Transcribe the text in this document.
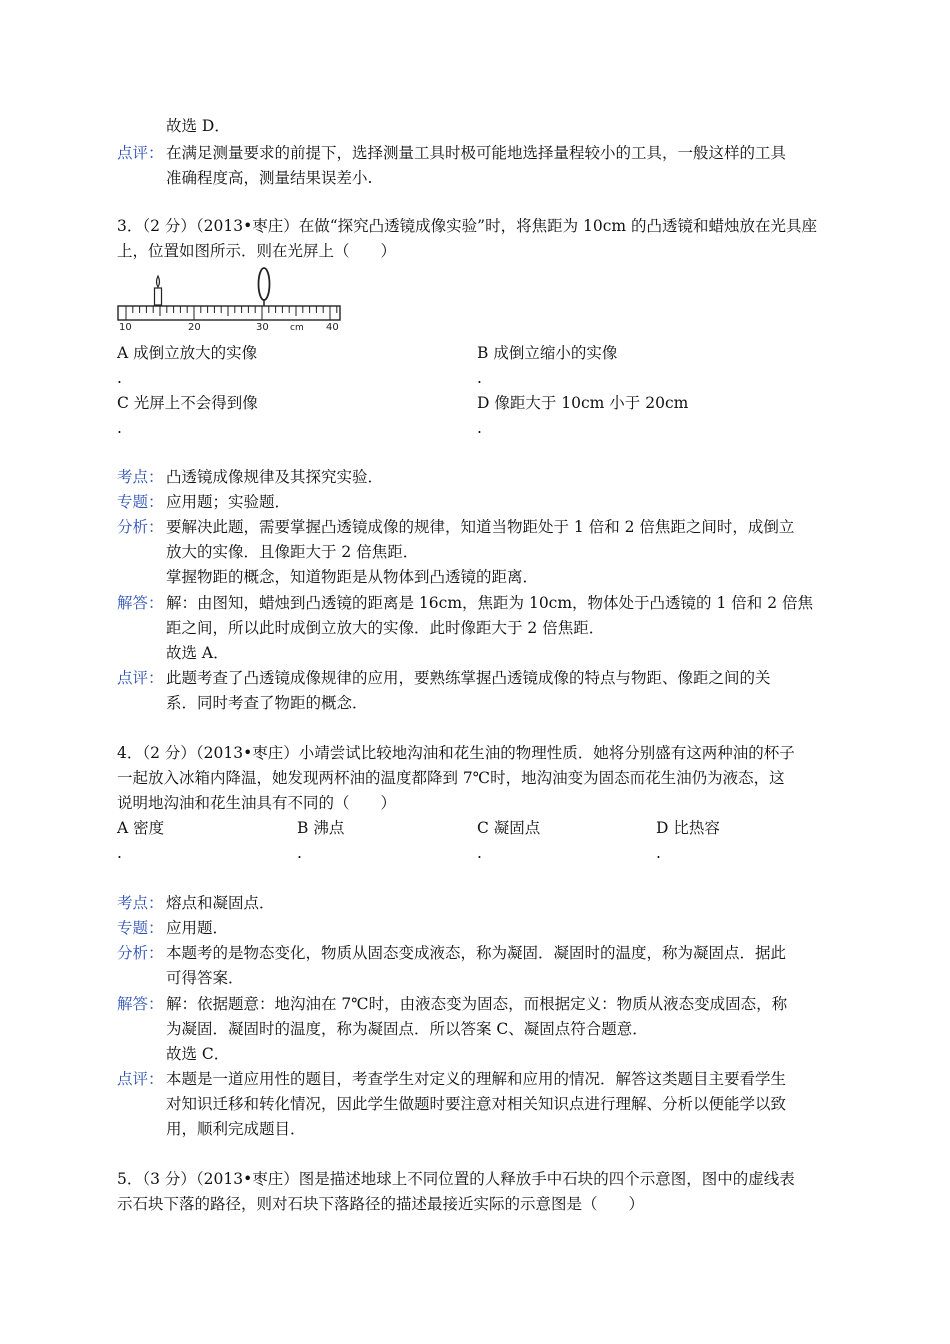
故选 D．
点评： 在满足测量要求的前提下，选择测量工具时极可能地选择量程较小的工具，一般这样的工具
准确程度高，测量结果误差小.
3．（2 分）（2013•枣庄）在做“探究凸透镜成像实验”时，将焦距为 10cm 的凸透镜和蜡烛放在光具座
上，位置如图所示．则在光屏上（　　）
10	20	30 cm 40
A 成倒立放大的实像
.
B 成倒立缩小的实像
.
C 光屏上不会得到像
.
D 像距大于 10cm 小于 20cm
.
考点： 凸透镜成像规律及其探究实验．
专题： 应用题；实验题．
分析： 要解决此题，需要掌握凸透镜成像的规律，知道当物距处于 1 倍和 2 倍焦距之间时，成倒立
放大的实像．且像距大于 2 倍焦距．
掌握物距的概念，知道物距是从物体到凸透镜的距离．
解答： 解：由图知，蜡烛到凸透镜的距离是 16cm，焦距为 10cm，物体处于凸透镜的 1 倍和 2 倍焦
距之间，所以此时成倒立放大的实像．此时像距大于 2 倍焦距．
故选 A．
点评： 此题考查了凸透镜成像规律的应用，要熟练掌握凸透镜成像的特点与物距、像距之间的关
系．同时考查了物距的概念．
4．（2 分）（2013•枣庄）小靖尝试比较地沟油和花生油的物理性质．她将分别盛有这两种油的杯子
一起放入冰箱内降温，她发现两杯油的温度都降到 7℃时，地沟油变为固态而花生油仍为液态，这
说明地沟油和花生油具有不同的（　　）
A 密度
.
B 沸点
.
C 凝固点
.
D 比热容
.
考点： 熔点和凝固点．
专题： 应用题．
分析： 本题考的是物态变化，物质从固态变成液态，称为凝固．凝固时的温度，称为凝固点．据此
可得答案．
解答： 解：依据题意：地沟油在 7℃时，由液态变为固态，而根据定义：物质从液态变成固态，称
为凝固．凝固时的温度，称为凝固点．所以答案 C、凝固点符合题意．
故选 C．
点评： 本题是一道应用性的题目，考查学生对定义的理解和应用的情况．解答这类题目主要看学生
对知识迁移和转化情况，因此学生做题时要注意对相关知识点进行理解、分析以便能学以致
用，顺利完成题目．
5．（3 分）（2013•枣庄）图是描述地球上不同位置的人释放手中石块的四个示意图，图中的虚线表
示石块下落的路径，则对石块下落路径的描述最接近实际的示意图是（　　）
